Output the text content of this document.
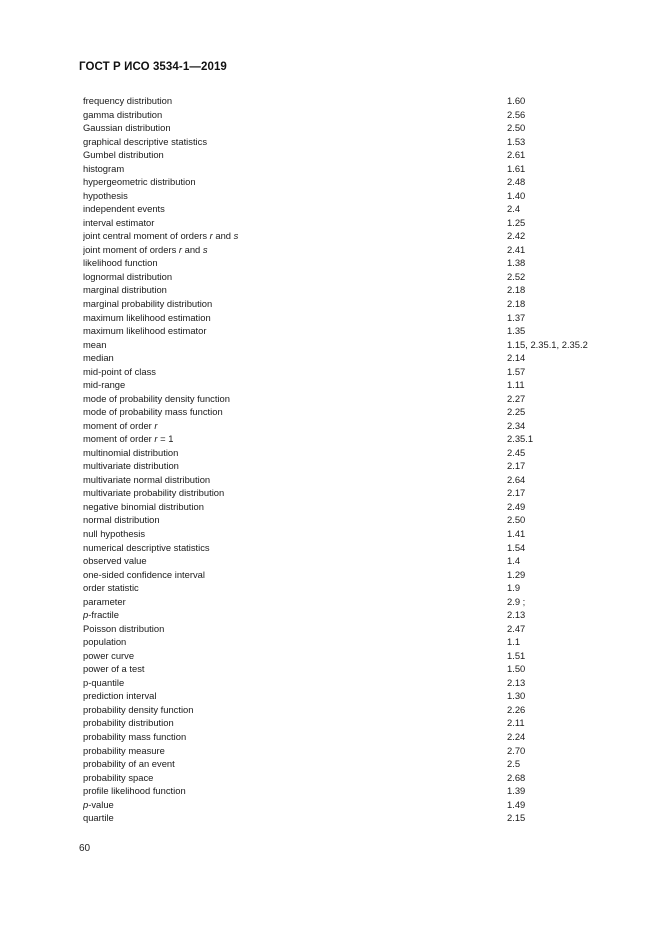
ГОСТ Р ИСО 3534-1—2019
frequency distribution	1.60
gamma distribution	2.56
Gaussian distribution	2.50
graphical descriptive statistics	1.53
Gumbel distribution	2.61
histogram	1.61
hypergeometric distribution	2.48
hypothesis	1.40
independent events	2.4
interval estimator	1.25
joint central moment of orders r and s	2.42
joint moment of orders r and s	2.41
likelihood function	1.38
lognormal distribution	2.52
marginal distribution	2.18
marginal probability distribution	2.18
maximum likelihood estimation	1.37
maximum likelihood estimator	1.35
mean	1.15, 2.35.1, 2.35.2
median	2.14
mid-point of class	1.57
mid-range	1.11
mode of probability density function	2.27
mode of probability mass function	2.25
moment of order r	2.34
moment of order r = 1	2.35.1
multinomial distribution	2.45
multivariate distribution	2.17
multivariate normal distribution	2.64
multivariate probability distribution	2.17
negative binomial distribution	2.49
normal distribution	2.50
null hypothesis	1.41
numerical descriptive statistics	1.54
observed value	1.4
one-sided confidence interval	1.29
order statistic	1.9
parameter	2.9 ;
p-fractile	2.13
Poisson distribution	2.47
population	1.1
power curve	1.51
power of a test	1.50
p-quantile	2.13
prediction interval	1.30
probability density function	2.26
probability distribution	2.11
probability mass function	2.24
probability measure	2.70
probability of an event	2.5
probability space	2.68
profile likelihood function	1.39
p-value	1.49
quartile	2.15
60
